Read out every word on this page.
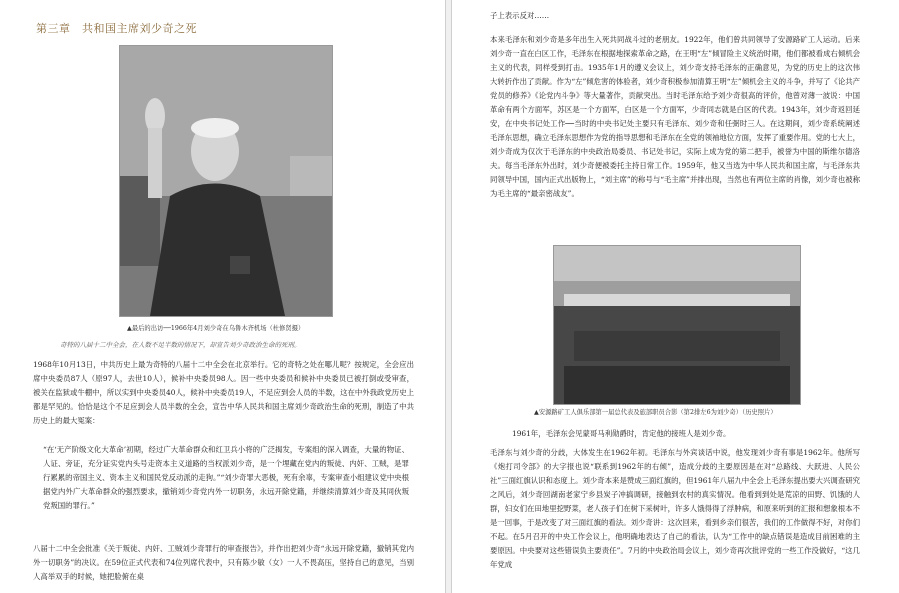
第三章　共和国主席刘少奇之死
▲最后的出访──1966年4月刘少奇在乌鲁木齐机场（杜修贤摄）
奇特的八届十二中全会，在人数不足半数的情况下，却宣告刘少奇政治生命的死刑。

1968年10月13日，中共历史上最为奇特的八届十二中全会在北京举行。它的奇特之处在哪儿呢？按规定，全会应出席中央委员87人（原97人，去世10人），候补中央委员98人。因一些中央委员和候补中央委员已被打倒或受审查，被关在监狱或牛棚中，所以实到中央委员40人，候补中央委员19人，不足应到会人员的半数，这在中外我政党历史上都是罕见的。恰恰是这个不足应到会人员半数的全会，宣告中华人民共和国主席刘少奇政治生命的死刑，制造了中共历史上的最大冤案：

“在‘无产阶级文化大革命’初期，经过广大革命群众和红卫兵小将的广泛揭发，专案组的深入调查，大量的物证、人证、旁证，充分证实党内头号走资本主义道路的当权派刘少奇，是一个埋藏在党内的叛徒、内奸、工贼，是罪行累累的帝国主义、资本主义和国民党反动派的走狗。”“刘少奇罪大恶极，死有余辜，专案审查小组建议党中央根据党内外广大革命群众的强烈要求，撤销刘少奇党内外一切职务，永远开除党籍，并继续清算刘少奇及其同伙叛党叛国的罪行。”

八届十二中全会批准《关于叛徒、内奸、工贼刘少奇罪行的审查报告》，并作出把刘少奇“永远开除党籍，撤销其党内外一切职务”的决议。在59位正式代表和74位列席代表中，只有陈少敏（女）一人不畏高压，坚持自己的意见，当别人高举双手的时候，她把脸俯在桌

子上表示反对……

本来毛泽东和刘少奇是多年出生入死共同战斗过的老朋友。1922年，他们曾共同领导了安源路矿工人运动。后来刘少奇一直在白区工作，毛泽东在根据地探索革命之路，在王明“左”倾冒险主义统治时期，他们都被看成右倾机会主义的代表，同样受到打击。1935年1月的遵义会议上，刘少奇支持毛泽东的正确意见，为党的历史上的这次伟大转折作出了贡献。作为“左”倾危害的体验者，刘少奇积极参加清算王明“左”倾机会主义的斗争，并写了《论共产党员的修养》《论党内斗争》等大量著作，贡献突出。当时毛泽东给予刘少奇很高的评价，他曾对薄一波说：中国革命有两个方面军，苏区是一个方面军，白区是一个方面军，少奇同志就是白区的代表。1943年，刘少奇返回延安，在中央书记处工作──当时的中央书记处主要只有毛泽东、刘少奇和任弼时三人。在这期间，刘少奇系统阐述毛泽东思想，确立毛泽东思想作为党的指导思想和毛泽东在全党的领袖地位方面，发挥了重要作用。党的七大上，刘少奇成为仅次于毛泽东的中央政治局委员、书记处书记，实际上成为党的第二把手，被誉为中国的斯维尔德洛夫。每当毛泽东外出时，刘少奇便被委托主持日常工作。1959年，他又当选为中华人民共和国主席，与毛泽东共同领导中国，国内正式出版物上，“刘主席”的称号与“毛主席”并排出现，当然也有两位主席的肖像，刘少奇也被称为毛主席的“最亲密战友”。

▲安源路矿工人俱乐部第一届总代表及旅部职员合影（第2排左6为刘少奇）（历史照片）

1961年，毛泽东会见蒙哥马利勋爵时，肯定他的接班人是刘少奇。

毛泽东与刘少奇的分歧，大体发生在1962年初。毛泽东与外宾谈话中说，他发现刘少奇有事是1962年。他所写《炮打司令部》的大字报也说“联系到1962年的右倾”，造成分歧的主要原因是在对“总路线、大跃进、人民公社”三面红旗认识和态度上。刘少奇本来是赞成三面红旗的，但1961年八届九中全会上毛泽东提出要大兴调查研究之风后，刘少奇回湖南老家宁乡县炭子冲搞调研，接触到农村的真实情况。他看到到处是荒凉的田野、饥饿的人群，妇女们在田地里挖野菜，老人孩子们在树下采树叶，许多人饿得得了浮肿病，和原来听到的汇报和想象根本不是一回事，于是改变了对三面红旗的看法。刘少奇讲：这次回来，看到乡亲们很苦，我们的工作做得不好，对你们不起。在5月召开的中央工作会议上，他明确地表达了自己的看法，认为“工作中的缺点错误是造成目前困难的主要原因。中央要对这些错误负主要责任”。7月的中央政治局会议上，刘少奇再次批评党的一些工作没做好，“这几年党成
